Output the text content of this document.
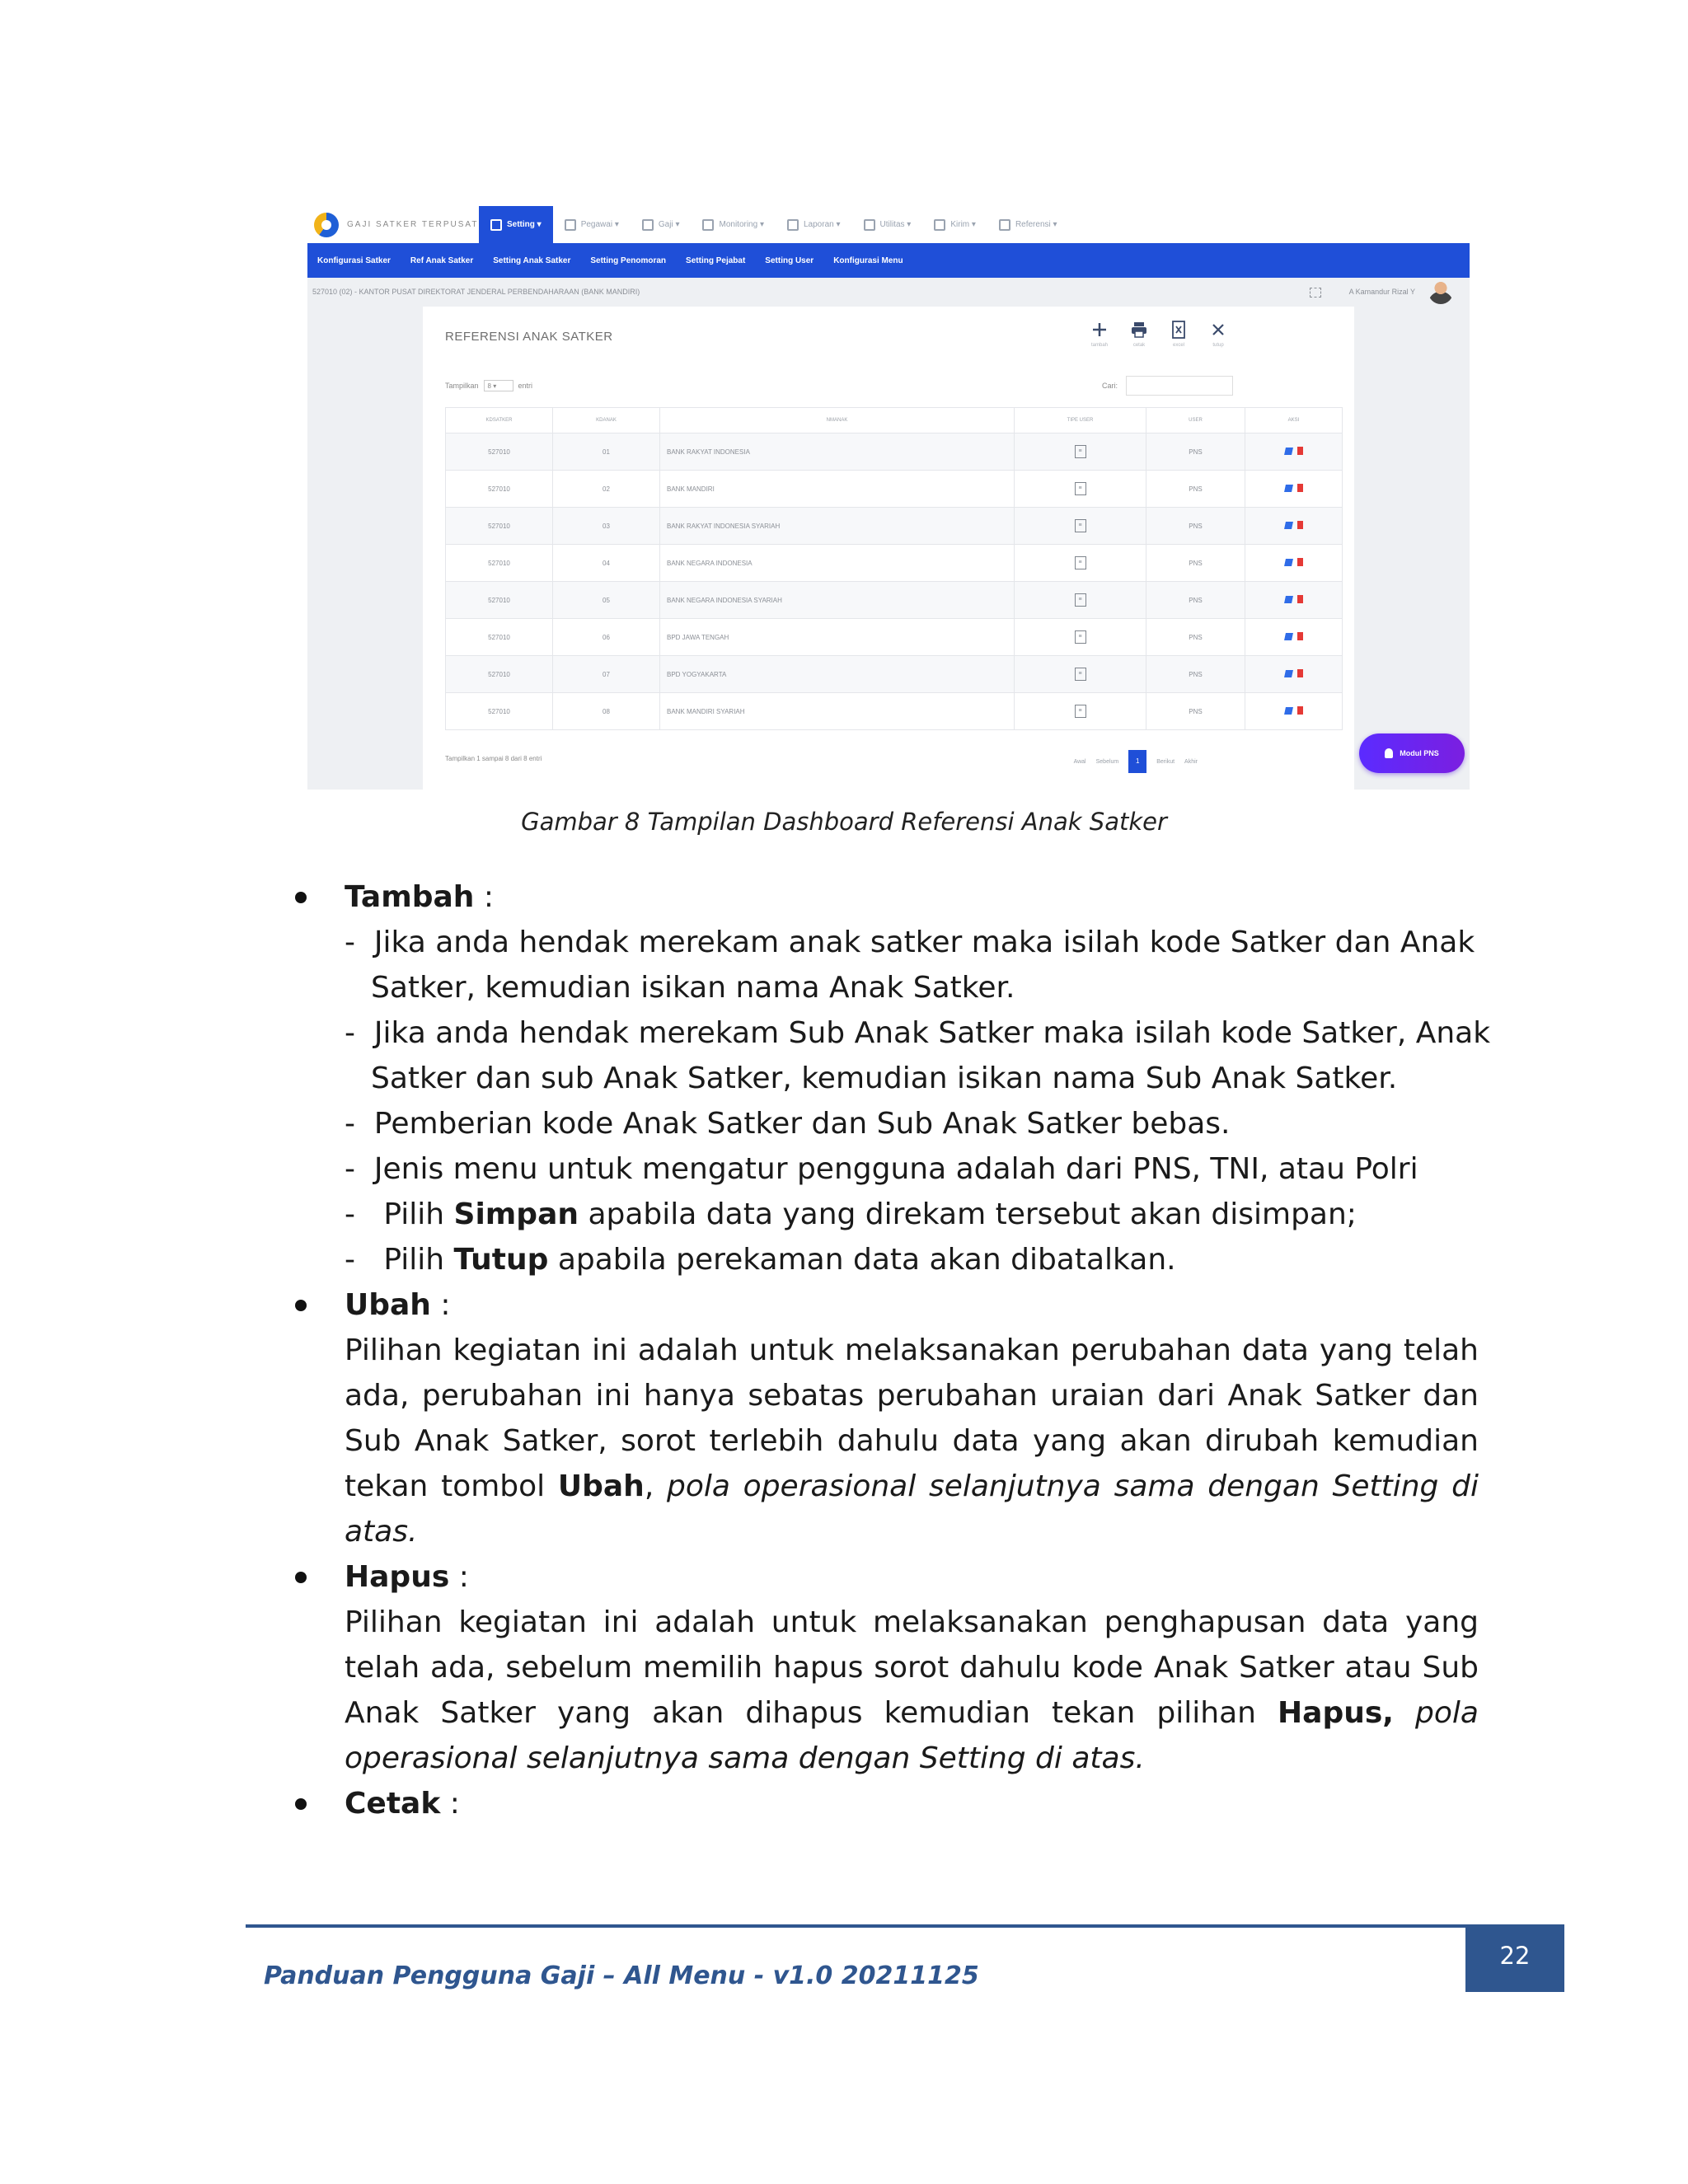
GAJI SATKER TERPUSAT	Setting ▾	Pegawai ▾	Gaji ▾	Monitoring ▾	Laporan ▾	Utilitas ▾	Kirim ▾	Referensi ▾
Konfigurasi Satker	Ref Anak Satker	Setting Anak Satker	Setting Penomoran	Setting Pejabat	Setting User	Konfigurasi Menu
527010 (02) - KANTOR PUSAT DIREKTORAT JENDERAL PERBENDAHARAAN (BANK MANDIRI)	A Kamandur Rizal Y
REFERENSI ANAK SATKER
tambah	cetak	excel	tutup
Tampilkan	8 ▾	entri	Cari:
KDSATKER	KDANAK	NMANAK	TIPE USER	USER	AKSI
527010	01	BANK RAKYAT INDONESIA	≡	PNS	
527010	02	BANK MANDIRI	≡	PNS	
527010	03	BANK RAKYAT INDONESIA SYARIAH	≡	PNS	
527010	04	BANK NEGARA INDONESIA	≡	PNS	
527010	05	BANK NEGARA INDONESIA SYARIAH	≡	PNS	
527010	06	BPD JAWA TENGAH	≡	PNS	
527010	07	BPD YOGYAKARTA	≡	PNS	
527010	08	BANK MANDIRI SYARIAH	≡	PNS	
Tampilkan 1 sampai 8 dari 8 entri	Awal Sebelum	1	Berikut Akhir
Modul PNS
Gambar 8 Tampilan Dashboard Referensi Anak Satker
Tambah :
- Jika anda hendak merekam anak satker maka isilah kode Satker dan Anak
Satker, kemudian isikan nama Anak Satker.
- Jika anda hendak merekam Sub Anak Satker maka isilah kode Satker, Anak
Satker dan sub Anak Satker, kemudian isikan nama Sub Anak Satker.
- Pemberian kode Anak Satker dan Sub Anak Satker bebas.
- Jenis menu untuk mengatur pengguna adalah dari PNS, TNI, atau Polri
- Pilih Simpan apabila data yang direkam tersebut akan disimpan;
- Pilih Tutup apabila perekaman data akan dibatalkan.
Ubah :
Pilihan kegiatan ini adalah untuk melaksanakan perubahan data yang telah
ada, perubahan ini hanya sebatas perubahan uraian dari Anak Satker dan
Sub Anak Satker, sorot terlebih dahulu data yang akan dirubah kemudian
tekan tombol Ubah, pola operasional selanjutnya sama dengan Setting di
atas.
Hapus :
Pilihan kegiatan ini adalah untuk melaksanakan penghapusan data yang
telah ada, sebelum memilih hapus sorot dahulu kode Anak Satker atau Sub
Anak Satker yang akan dihapus kemudian tekan pilihan Hapus, pola
operasional selanjutnya sama dengan Setting di atas.
Cetak :
Panduan Pengguna Gaji – All Menu - v1.0 20211125
22
